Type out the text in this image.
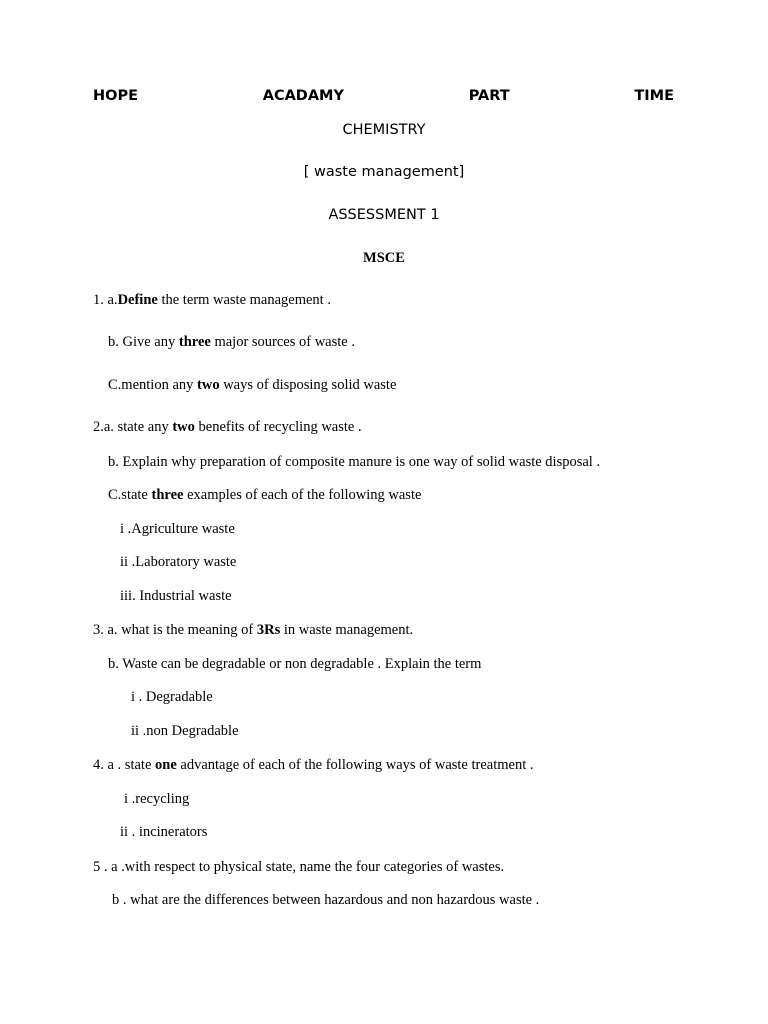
HOPE	ACADAMY	PART	TIME
CHEMISTRY
[ waste management]
ASSESSMENT 1
MSCE
1. a.Define the term waste management .
b. Give any three major sources of waste .
C.mention any two ways of disposing solid waste
2.a. state any two benefits of recycling waste .
b. Explain why preparation of composite manure is one way of solid waste disposal .
C.state three examples of each of the following waste
i .Agriculture waste
ii .Laboratory waste
iii. Industrial waste
3. a. what is the meaning of 3Rs in waste management.
b. Waste can be degradable or non degradable . Explain the term
i . Degradable
ii .non Degradable
4. a . state one advantage of each of the following ways of waste treatment .
i .recycling
ii . incinerators
5 . a .with respect to physical state, name the four categories of wastes.
b . what are the differences between hazardous and non hazardous waste .
